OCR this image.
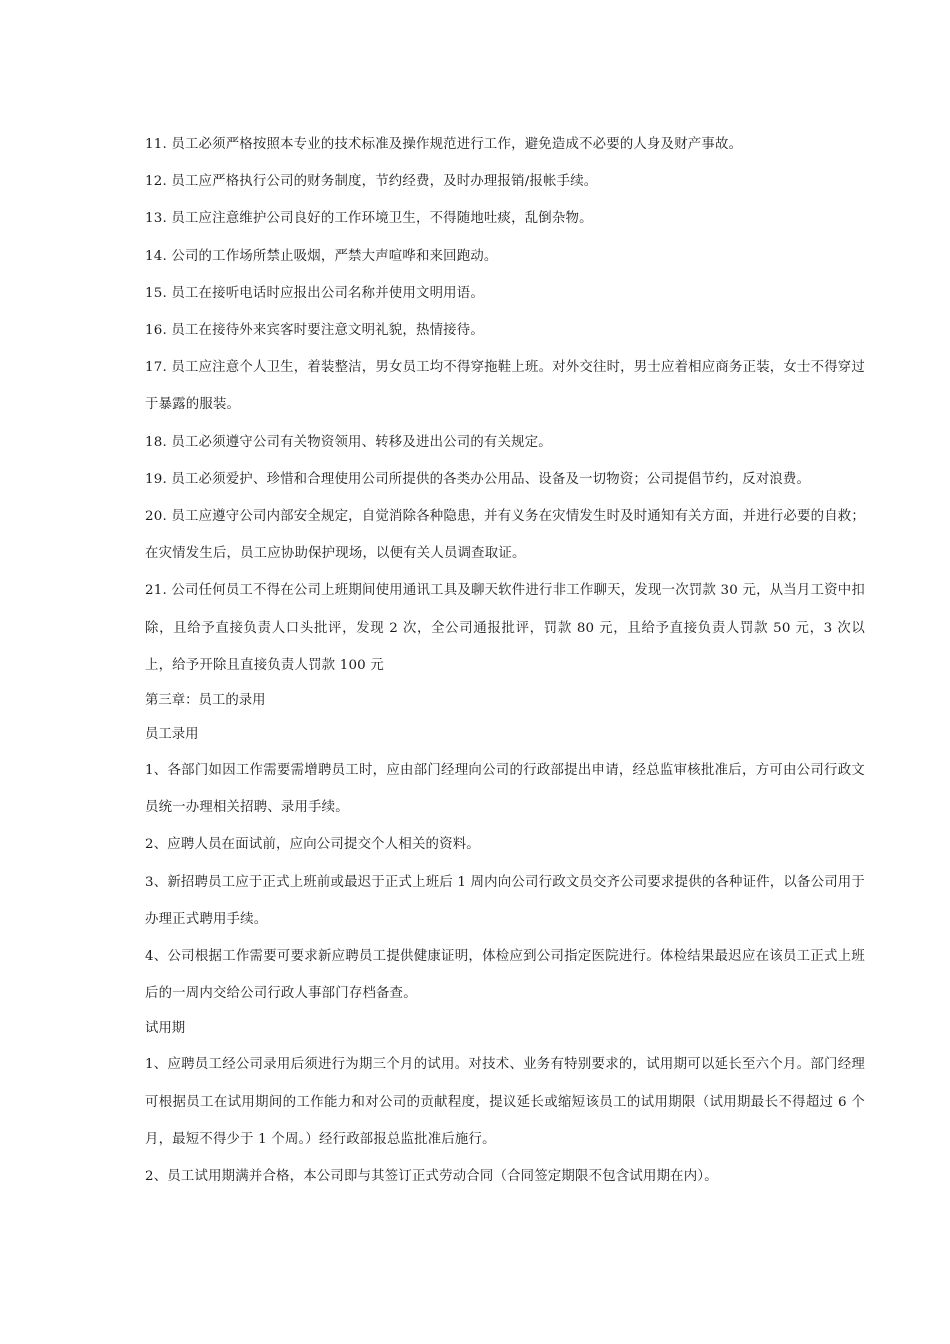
11. 员工必须严格按照本专业的技术标准及操作规范进行工作，避免造成不必要的人身及财产事故。

12. 员工应严格执行公司的财务制度，节约经费，及时办理报销/报帐手续。

13. 员工应注意维护公司良好的工作环境卫生，不得随地吐痰，乱倒杂物。

14. 公司的工作场所禁止吸烟，严禁大声喧哗和来回跑动。

15. 员工在接听电话时应报出公司名称并使用文明用语。

16. 员工在接待外来宾客时要注意文明礼貌，热情接待。

17. 员工应注意个人卫生，着装整洁，男女员工均不得穿拖鞋上班。对外交往时，男士应着相应商务正装，女士不得穿过于暴露的服装。

18. 员工必须遵守公司有关物资领用、转移及进出公司的有关规定。

19. 员工必须爱护、珍惜和合理使用公司所提供的各类办公用品、设备及一切物资；公司提倡节约，反对浪费。

20. 员工应遵守公司内部安全规定，自觉消除各种隐患，并有义务在灾情发生时及时通知有关方面，并进行必要的自救；在灾情发生后，员工应协助保护现场，以便有关人员调查取证。

21. 公司任何员工不得在公司上班期间使用通讯工具及聊天软件进行非工作聊天，发现一次罚款 30 元，从当月工资中扣除，且给予直接负责人口头批评，发现 2 次，全公司通报批评，罚款 80 元，且给予直接负责人罚款 50 元，3 次以上，给予开除且直接负责人罚款 100 元

第三章：员工的录用

员工录用

1、各部门如因工作需要需增聘员工时，应由部门经理向公司的行政部提出申请，经总监审核批准后，方可由公司行政文员统一办理相关招聘、录用手续。

2、应聘人员在面试前，应向公司提交个人相关的资料。

3、新招聘员工应于正式上班前或最迟于正式上班后 1 周内向公司行政文员交齐公司要求提供的各种证件，以备公司用于办理正式聘用手续。

4、公司根据工作需要可要求新应聘员工提供健康证明，体检应到公司指定医院进行。体检结果最迟应在该员工正式上班后的一周内交给公司行政人事部门存档备查。

试用期

1、应聘员工经公司录用后须进行为期三个月的试用。对技术、业务有特别要求的，试用期可以延长至六个月。部门经理可根据员工在试用期间的工作能力和对公司的贡献程度，提议延长或缩短该员工的试用期限（试用期最长不得超过 6 个月，最短不得少于 1 个周。）经行政部报总监批准后施行。

2、员工试用期满并合格，本公司即与其签订正式劳动合同（合同签定期限不包含试用期在内）。
